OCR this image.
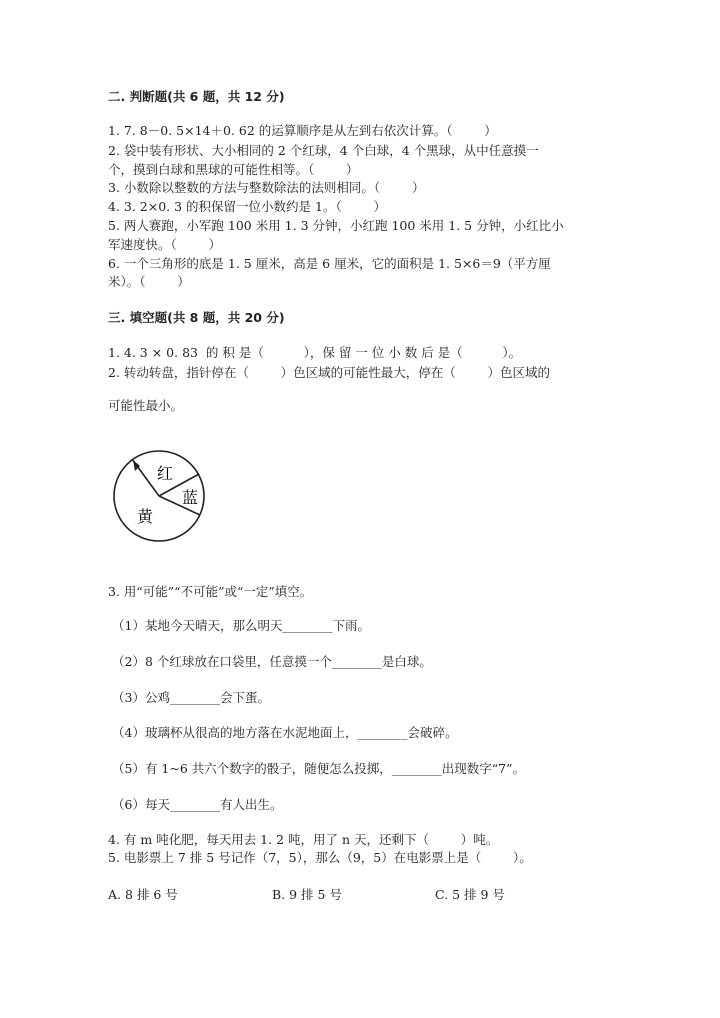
二. 判断题(共 6 题，共 12 分)
1. 7. 8－0. 5×14＋0. 62 的运算顺序是从左到右依次计算。（        ）
2. 袋中装有形状、大小相同的 2 个红球，4 个白球，4 个黑球，从中任意摸一
个，摸到白球和黑球的可能性相等。（        ）
3. 小数除以整数的方法与整数除法的法则相同。（        ）
4. 3. 2×0. 3 的积保留一位小数约是 1。（        ）
5. 两人赛跑，小军跑 100 米用 1. 3 分钟，小红跑 100 米用 1. 5 分钟，小红比小
军速度快。（        ）
6. 一个三角形的底是 1. 5 厘米，高是 6 厘米，它的面积是 1. 5×6＝9（平方厘
米）。（        ）
三. 填空题(共 8 题，共 20 分)
1. 4. 3 × 0. 83  的 积 是（          ），保 留 一 位 小 数 后 是（          ）。
2. 转动转盘，指针停在（        ）色区域的可能性最大，停在（        ）色区域的
可能性最小。
红
蓝
黄
3. 用“可能”“不可能”或“一定”填空。
（1）某地今天晴天，那么明天________下雨。
（2）8 个红球放在口袋里，任意摸一个________是白球。
（3）公鸡________会下蛋。
（4）玻璃杯从很高的地方落在水泥地面上，________会破碎。
（5）有 1~6 共六个数字的骰子，随便怎么投掷，________出现数字“7”。
（6）每天________有人出生。
4. 有 m 吨化肥，每天用去 1. 2 吨，用了 n 天，还剩下（        ）吨。
5. 电影票上 7 排 5 号记作（7，5），那么（9，5）在电影票上是（        ）。
A. 8 排 6 号	B. 9 排 5 号	C. 5 排 9 号
